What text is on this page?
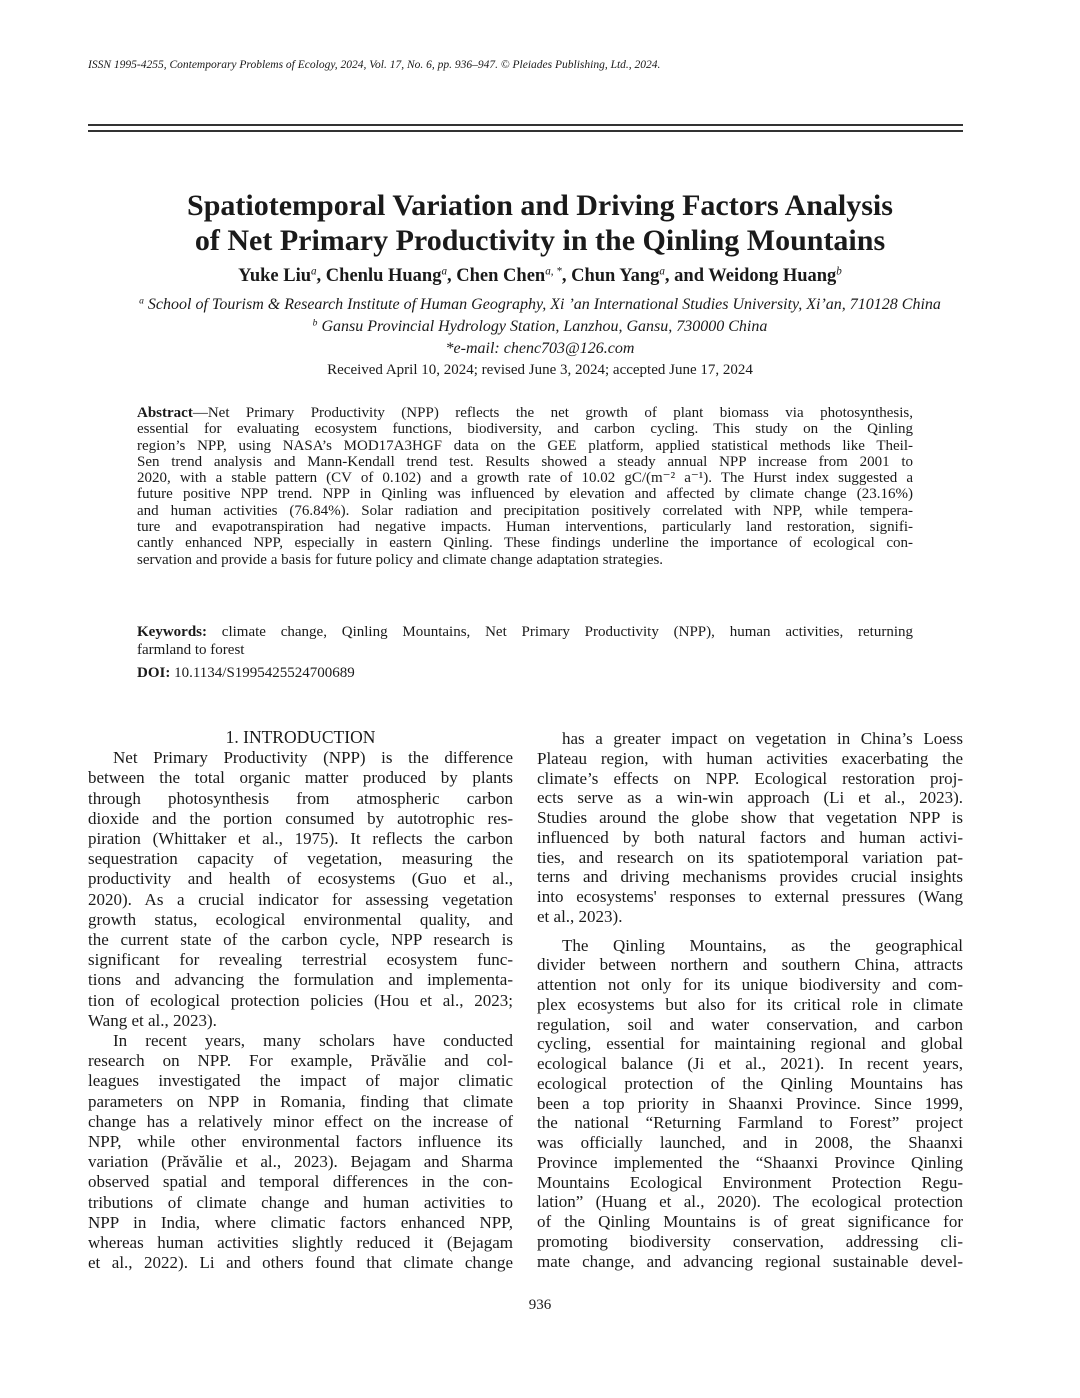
ISSN 1995-4255, Contemporary Problems of Ecology, 2024, Vol. 17, No. 6, pp. 936–947. © Pleiades Publishing, Ltd., 2024.
Spatiotemporal Variation and Driving Factors Analysis
of Net Primary Productivity in the Qinling Mountains
Yuke Liu$^a$, Chenlu Huang$^a$, Chen Chen$^{a, *}$, Chun Yang$^a$, and Weidong Huang$^b$
$^a$ School of Tourism & Research Institute of Human Geography, Xi ’an International Studies University, Xi’an, 710128 China
$^b$ Gansu Provincial Hydrology Station, Lanzhou, Gansu, 730000 China
*e-mail: chenc703@126.com
Received April 10, 2024; revised June 3, 2024; accepted June 17, 2024
Abstract—Net Primary Productivity (NPP) reflects the net growth of plant biomass via photosynthesis,
essential for evaluating ecosystem functions, biodiversity, and carbon cycling. This study on the Qinling
region’s NPP, using NASA’s MOD17A3HGF data on the GEE platform, applied statistical methods like Theil-
Sen trend analysis and Mann-Kendall trend test. Results showed a steady annual NPP increase from 2001 to
2020, with a stable pattern (CV of 0.102) and a growth rate of 10.02 gC/(m⁻² a⁻¹). The Hurst index suggested a
future positive NPP trend. NPP in Qinling was influenced by elevation and affected by climate change (23.16%)
and human activities (76.84%). Solar radiation and precipitation positively correlated with NPP, while tempera-
ture and evapotranspiration had negative impacts. Human interventions, particularly land restoration, signifi-
cantly enhanced NPP, especially in eastern Qinling. These findings underline the importance of ecological con-
servation and provide a basis for future policy and climate change adaptation strategies.
Keywords: climate change, Qinling Mountains, Net Primary Productivity (NPP), human activities, returning
farmland to forest
DOI: 10.1134/S1995425524700689
1. INTRODUCTION
Net Primary Productivity (NPP) is the difference
between the total organic matter produced by plants
through photosynthesis from atmospheric carbon
dioxide and the portion consumed by autotrophic res-
piration (Whittaker et al., 1975). It reflects the carbon
sequestration capacity of vegetation, measuring the
productivity and health of ecosystems (Guo et al.,
2020). As a crucial indicator for assessing vegetation
growth status, ecological environmental quality, and
the current state of the carbon cycle, NPP research is
significant for revealing terrestrial ecosystem func-
tions and advancing the formulation and implementa-
tion of ecological protection policies (Hou et al., 2023;
Wang et al., 2023).
In recent years, many scholars have conducted
research on NPP. For example, Prăvălie and col-
leagues investigated the impact of major climatic
parameters on NPP in Romania, finding that climate
change has a relatively minor effect on the increase of
NPP, while other environmental factors influence its
variation (Prăvălie et al., 2023). Bejagam and Sharma
observed spatial and temporal differences in the con-
tributions of climate change and human activities to
NPP in India, where climatic factors enhanced NPP,
whereas human activities slightly reduced it (Bejagam
et al., 2022). Li and others found that climate change
has a greater impact on vegetation in China’s Loess
Plateau region, with human activities exacerbating the
climate’s effects on NPP. Ecological restoration proj-
ects serve as a win-win approach (Li et al., 2023).
Studies around the globe show that vegetation NPP is
influenced by both natural factors and human activi-
ties, and research on its spatiotemporal variation pat-
terns and driving mechanisms provides crucial insights
into ecosystems' responses to external pressures (Wang
et al., 2023).
The Qinling Mountains, as the geographical
divider between northern and southern China, attracts
attention not only for its unique biodiversity and com-
plex ecosystems but also for its critical role in climate
regulation, soil and water conservation, and carbon
cycling, essential for maintaining regional and global
ecological balance (Ji et al., 2021). In recent years,
ecological protection of the Qinling Mountains has
been a top priority in Shaanxi Province. Since 1999,
the national “Returning Farmland to Forest” project
was officially launched, and in 2008, the Shaanxi
Province implemented the “Shaanxi Province Qinling
Mountains Ecological Environment Protection Regu-
lation” (Huang et al., 2020). The ecological protection
of the Qinling Mountains is of great significance for
promoting biodiversity conservation, addressing cli-
mate change, and advancing regional sustainable devel-
936
